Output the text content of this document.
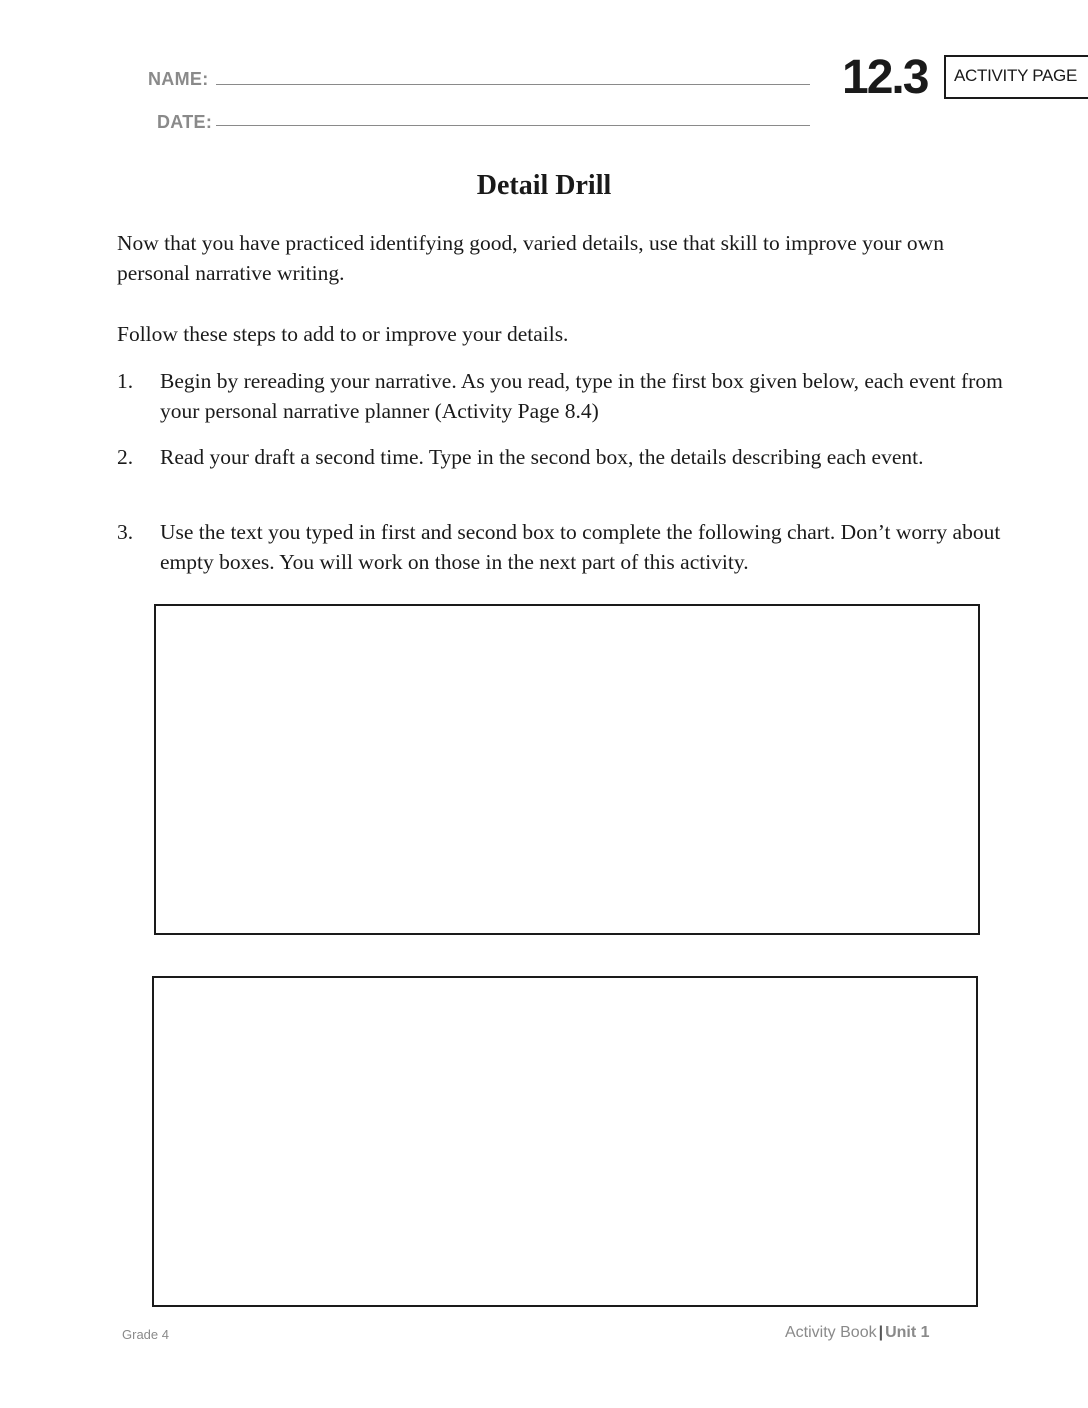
NAME:
DATE:
12.3 ACTIVITY PAGE
Detail Drill
Now that you have practiced identifying good, varied details, use that skill to improve your own personal narrative writing.
Follow these steps to add to or improve your details.
1. Begin by rereading your narrative. As you read, type in the first box given below, each event from your personal narrative planner (Activity Page 8.4)
2. Read your draft a second time. Type in the second box, the details describing each event.
3. Use the text you typed in first and second box to complete the following chart. Don’t worry about empty boxes. You will work on those in the next part of this activity.
Grade 4	Activity Book | Unit 1
